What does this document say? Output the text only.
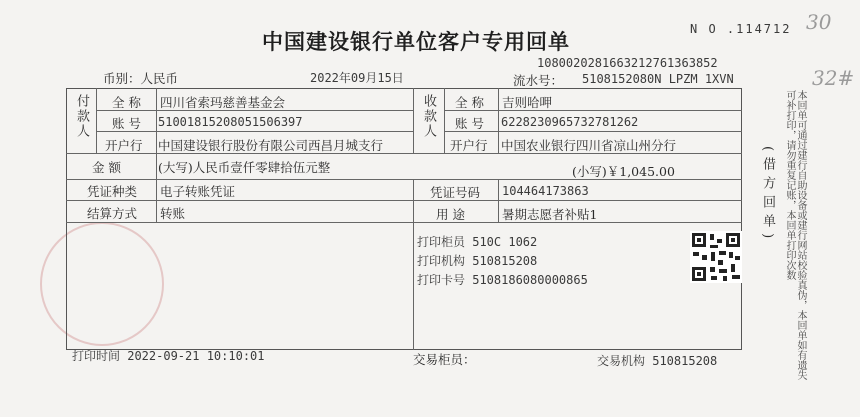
中国建设银行单位客户专用回单	N O .114712 30
32#
1080020281663212761363852
币别：人民币	2022年09月15日	流水号： 5108152080N LPZM 1XVN
付款人 全 称 四川省索玛慈善基金会
账 号 51001815208051506397
开户行 中国建设银行股份有限公司西昌月城支行
收款人 全 称 吉则哈呷
账 号 6228230965732781262
开户行 中国农业银行四川省凉山州分行
金 额	(大写)人民币壹仟零肆拾伍元整	(小写)￥1,045.00
凭证种类 电子转账凭证	凭证号码 104464173863
结算方式 转账	用 途	暑期志愿者补贴1
打印柜员 510C 1062
打印机构 510815208
打印卡号 5108186080000865
(借方回单)	本回单可通过建行自助设备或建行网站校验真伪，本回单如有遗失可补打印，请勿重复记账，本回单打印次数
打印时间 2022-09-21 10:10:01	交易柜员：	交易机构 510815208
